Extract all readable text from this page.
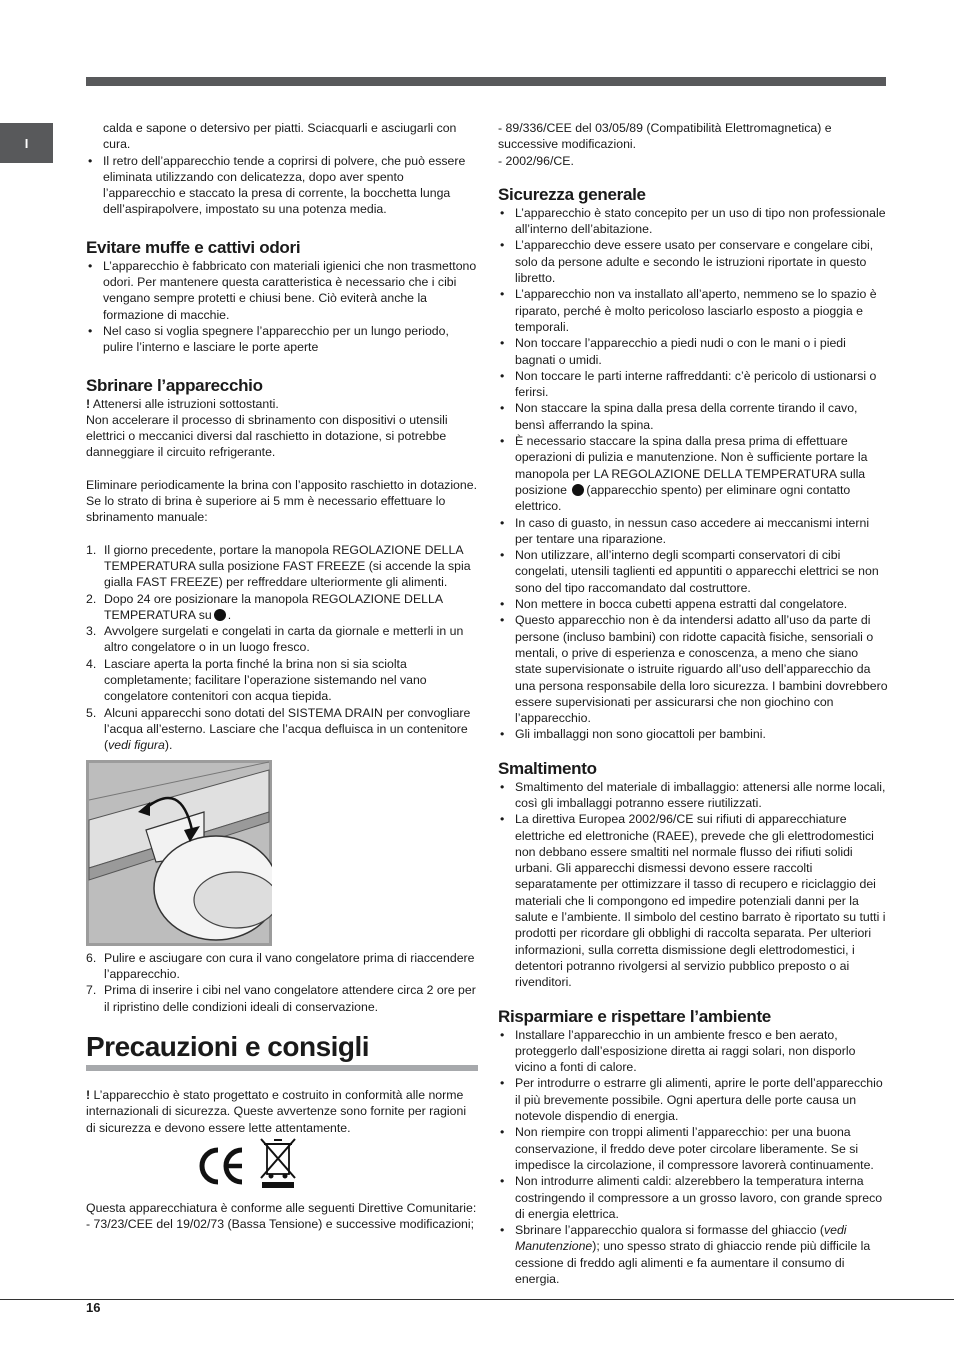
I

calda e sapone o detersivo per piatti. Sciacquarli e asciugarli con cura.

• Il retro dell’apparecchio tende a coprirsi di polvere, che può essere eliminata utilizzando con delicatezza, dopo aver spento l’apparecchio e staccato la presa di corrente, la bocchetta lunga dell’aspirapolvere, impostato su una potenza media.
Evitare muffe e cattivi odori
• L’apparecchio è fabbricato con materiali igienici che non trasmettono odori. Per mantenere questa caratteristica è necessario che i cibi vengano sempre protetti e chiusi bene. Ciò eviterà anche la formazione di macchie.
• Nel caso si voglia spegnere l’apparecchio per un lungo periodo, pulire l’interno e lasciare le porte aperte
Sbrinare l’apparecchio

! Attenersi alle istruzioni sottostanti.

Non accelerare il processo di sbrinamento con dispositivi o utensili elettrici o meccanici diversi dal raschietto in dotazione, si potrebbe danneggiare il circuito refrigerante.

Eliminare periodicamente la brina con l’apposito raschietto in dotazione. Se lo strato di brina è superiore ai 5 mm è necessario effettuare lo sbrinamento manuale:

1. Il giorno precedente, portare la manopola REGOLAZIONE DELLA TEMPERATURA sulla posizione FAST FREEZE (si accende la spia gialla FAST FREEZE) per reffreddare ulteriormente gli alimenti.
2. Dopo 24 ore posizionare la manopola REGOLAZIONE DELLA TEMPERATURA su .
3. Avvolgere surgelati e congelati in carta da giornale e metterli in un altro congelatore o in un luogo fresco.
4. Lasciare aperta la porta finché la brina non si sia sciolta completamente; facilitare l’operazione sistemando nel vano congelatore contenitori con acqua tiepida.
5. Alcuni apparecchi sono dotati del SISTEMA DRAIN per convogliare l’acqua all’esterno. Lasciare che l’acqua defluisca in un contenitore (vedi figura).
6. Pulire e asciugare con cura il vano congelatore prima di riaccendere l’apparecchio.
7. Prima di inserire i cibi nel vano congelatore attendere circa 2 ore per il ripristino delle condizioni ideali di conservazione.
Precauzioni e consigli

! L’apparecchio è stato progettato e costruito in conformità alle norme internazionali di sicurezza. Queste avvertenze sono fornite per ragioni di sicurezza e devono essere lette attentamente.

Questa apparecchiatura è conforme alle seguenti Direttive Comunitarie:

- 73/23/CEE del 19/02/73 (Bassa Tensione) e successive modificazioni;

- 89/336/CEE del 03/05/89 (Compatibilità Elettromagnetica) e successive modificazioni.

- 2002/96/CE.

Sicurezza generale
• L’apparecchio è stato concepito per un uso di tipo non professionale all’interno dell’abitazione.
• L’apparecchio deve essere usato per conservare e congelare cibi, solo da persone adulte e secondo le istruzioni riportate in questo libretto.
• L’apparecchio non va installato all’aperto, nemmeno se lo spazio è riparato, perché è molto pericoloso lasciarlo esposto a pioggia e temporali.
• Non toccare l’apparecchio a piedi nudi o con le mani o i piedi bagnati o umidi.
• Non toccare le parti interne raffreddanti: c’è pericolo di ustionarsi o ferirsi.
• Non staccare la spina dalla presa della corrente tirando il cavo, bensì afferrando la spina.
• È necessario staccare la spina dalla presa prima di effettuare operazioni di pulizia e manutenzione. Non è sufficiente portare la manopola per LA REGOLAZIONE DELLA TEMPERATURA sulla posizione (apparecchio spento) per eliminare ogni contatto elettrico.
• In caso di guasto, in nessun caso accedere ai meccanismi interni per tentare una riparazione.
• Non utilizzare, all’interno degli scomparti conservatori di cibi congelati, utensili taglienti ed appuntiti o apparecchi elettrici se non sono del tipo raccomandato dal costruttore.
• Non mettere in bocca cubetti appena estratti dal congelatore.
• Questo apparecchio non è da intendersi adatto all’uso da parte di persone (incluso bambini) con ridotte capacità fisiche, sensoriali o mentali, o prive di esperienza e conoscenza, a meno che siano state supervisionate o istruite riguardo all’uso dell’apparecchio da una persona responsabile della loro sicurezza. I bambini dovrebbero essere supervisionati per assicurarsi che non giochino con l’apparecchio.
• Gli imballaggi non sono giocattoli per bambini.
Smaltimento
• Smaltimento del materiale di imballaggio: attenersi alle norme locali, così gli imballaggi potranno essere riutilizzati.
• La direttiva Europea 2002/96/CE sui rifiuti di apparecchiature elettriche ed elettroniche (RAEE), prevede che gli elettrodomestici non debbano essere smaltiti nel normale flusso dei rifiuti solidi urbani. Gli apparecchi dismessi devono essere raccolti separatamente per ottimizzare il tasso di recupero e riciclaggio dei materiali che li compongono ed impedire potenziali danni per la salute e l’ambiente. Il simbolo del cestino barrato è riportato su tutti i prodotti per ricordare gli obblighi di raccolta separata. Per ulteriori informazioni, sulla corretta dismissione degli elettrodomestici, i detentori potranno rivolgersi al servizio pubblico preposto o ai rivenditori.
Risparmiare e rispettare l’ambiente
• Installare l’apparecchio in un ambiente fresco e ben aerato, proteggerlo dall’esposizione diretta ai raggi solari, non disporlo vicino a fonti di calore.
• Per introdurre o estrarre gli alimenti, aprire le porte dell’apparecchio il più brevemente possibile. Ogni apertura delle porte causa un notevole dispendio di energia.
• Non riempire con troppi alimenti l’apparecchio: per una buona conservazione, il freddo deve poter circolare liberamente. Se si impedisce la circolazione, il compressore lavorerà continuamente.
• Non introdurre alimenti caldi: alzerebbero la temperatura interna costringendo il compressore a un grosso lavoro, con grande spreco di energia elettrica.
• Sbrinare l’apparecchio qualora si formasse del ghiaccio (vedi Manutenzione); uno spesso strato di ghiaccio rende più difficile la cessione di freddo agli alimenti e fa aumentare il consumo di energia.
16
